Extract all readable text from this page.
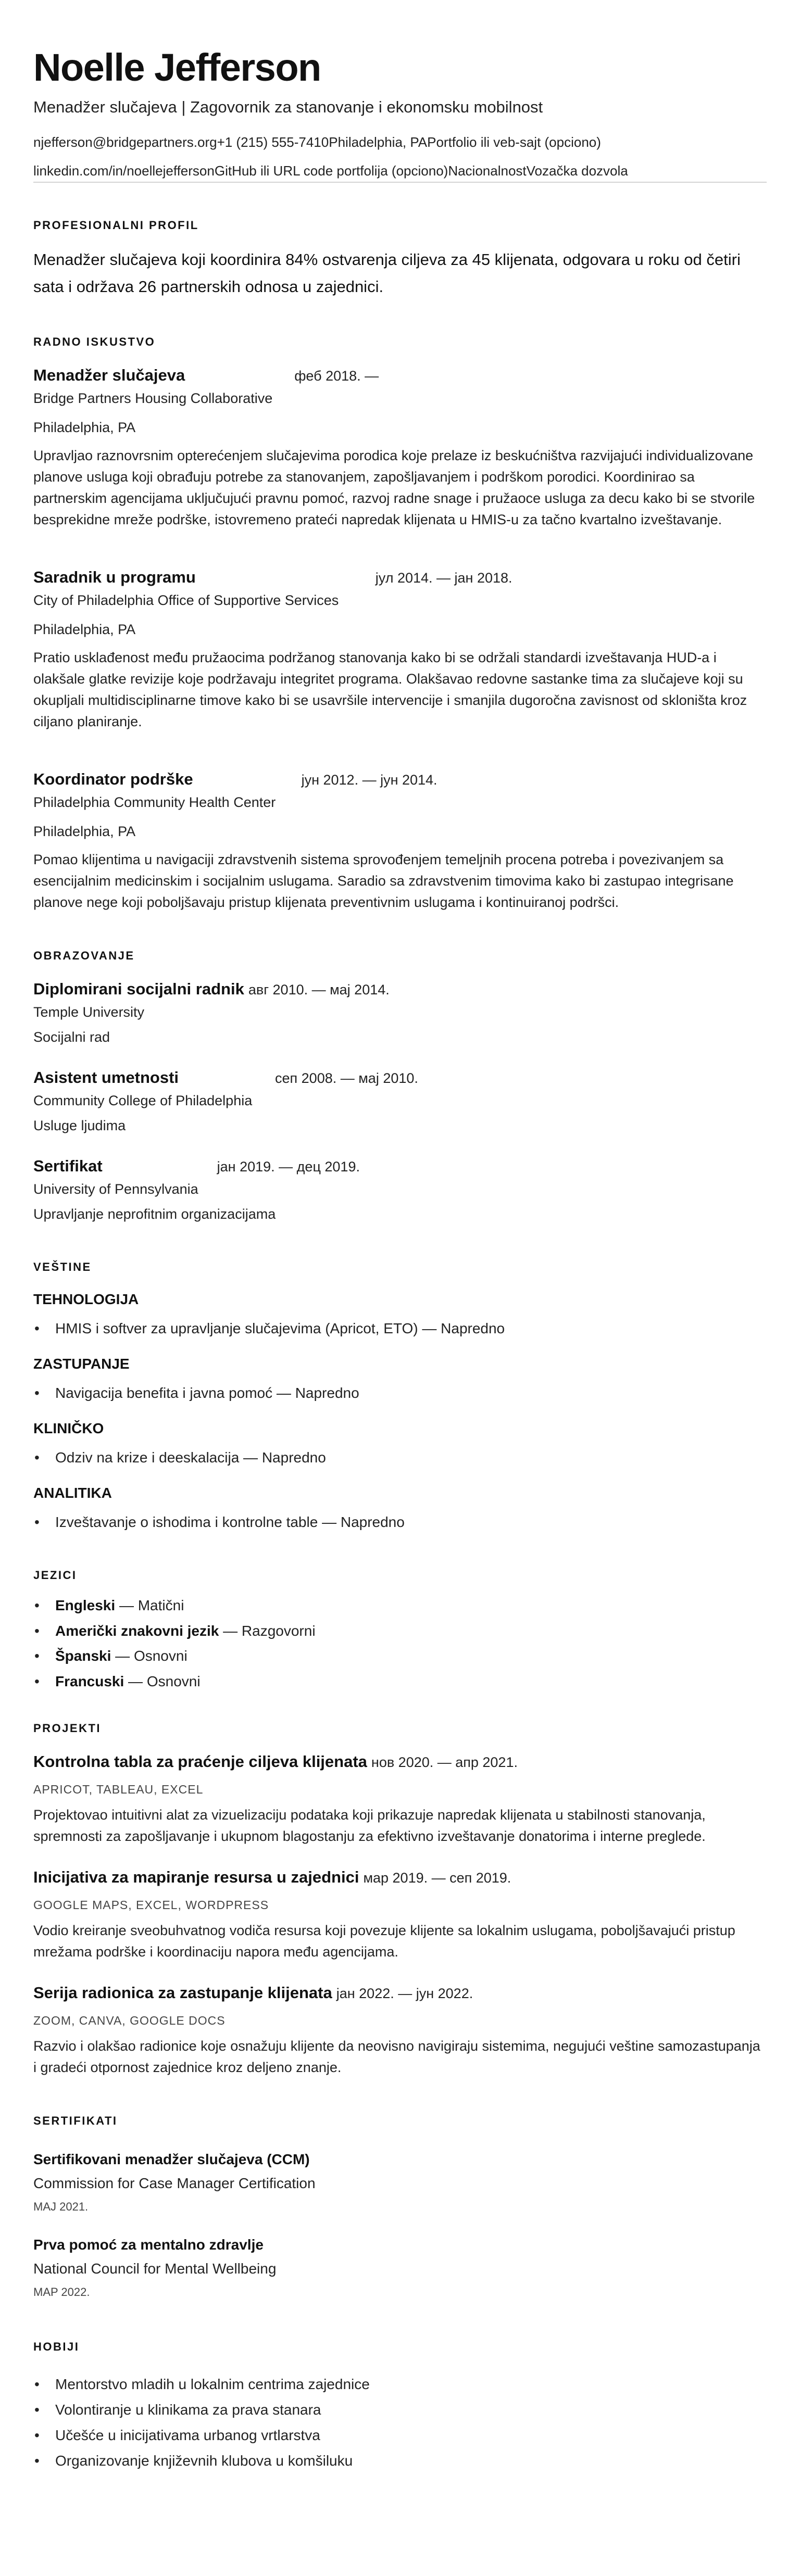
Noelle Jefferson
Menadžer slučajeva | Zagovornik za stanovanje i ekonomsku mobilnost
njefferson@bridgepartners.org+1 (215) 555-7410Philadelphia, PAPortfolio ili veb-sajt (opciono)
linkedin.com/in/noellejeffersonGitHub ili URL code portfolija (opciono)NacionalnostVozačka dozvola
PROFESIONALNI PROFIL
Menadžer slučajeva koji koordinira 84% ostvarenja ciljeva za 45 klijenata, odgovara u roku od četiri sata i održava 26 partnerskih odnosa u zajednici.
RADNO ISKUSTVO
Menadžer slučajeva	феб 2018. —
Bridge Partners Housing Collaborative
Philadelphia, PA
Upravljao raznovrsnim opterećenjem slučajevima porodica koje prelaze iz beskućništva razvijajući individualizovane planove usluga koji obrađuju potrebe za stanovanjem, zapošljavanjem i podrškom porodici. Koordinirao sa partnerskim agencijama uključujući pravnu pomoć, razvoj radne snage i pružaoce usluga za decu kako bi se stvorile besprekidne mreže podrške, istovremeno prateći napredak klijenata u HMIS-u za tačno kvartalno izveštavanje.
Saradnik u programu	јул 2014. — јан 2018.
City of Philadelphia Office of Supportive Services
Philadelphia, PA
Pratio usklađenost među pružaocima podržanog stanovanja kako bi se održali standardi izveštavanja HUD-a i olakšale glatke revizije koje podržavaju integritet programa. Olakšavao redovne sastanke tima za slučajeve koji su okupljali multidisciplinarne timove kako bi se usavršile intervencije i smanjila dugoročna zavisnost od skloništa kroz ciljano planiranje.
Koordinator podrške	јун 2012. — јун 2014.
Philadelphia Community Health Center
Philadelphia, PA
Pomao klijentima u navigaciji zdravstvenih sistema sprovođenjem temeljnih procena potreba i povezivanjem sa esencijalnim medicinskim i socijalnim uslugama. Saradio sa zdravstvenim timovima kako bi zastupao integrisane planove nege koji poboljšavaju pristup klijenata preventivnim uslugama i kontinuiranoj podršci.
OBRAZOVANJE
Diplomirani socijalni radnik авг 2010. — мај 2014.
Temple University
Socijalni rad
Asistent umetnosti	сеп 2008. — мај 2010.
Community College of Philadelphia
Usluge ljudima
Sertifikat	јан 2019. — дец 2019.
University of Pennsylvania
Upravljanje neprofitnim organizacijama
VEŠTINE
TEHNOLOGIJA
• HMIS i softver za upravljanje slučajevima (Apricot, ETO) — Napredno
ZASTUPANJE
• Navigacija benefita i javna pomoć — Napredno
KLINIČKO
• Odziv na krize i deeskalacija — Napredno
ANALITIKA
• Izveštavanje o ishodima i kontrolne table — Napredno
JEZICI
• Engleski — Matični
• Američki znakovni jezik — Razgovorni
• Španski — Osnovni
• Francuski — Osnovni
PROJEKTI
Kontrolna tabla za praćenje ciljeva klijenata нов 2020. — апр 2021.
APRICOT, TABLEAU, EXCEL
Projektovao intuitivni alat za vizuelizaciju podataka koji prikazuje napredak klijenata u stabilnosti stanovanja, spremnosti za zapošljavanje i ukupnom blagostanju za efektivno izveštavanje donatorima i interne preglede.
Inicijativa za mapiranje resursa u zajednici мар 2019. — сеп 2019.
GOOGLE MAPS, EXCEL, WORDPRESS
Vodio kreiranje sveobuhvatnog vodiča resursa koji povezuje klijente sa lokalnim uslugama, poboljšavajući pristup mrežama podrške i koordinaciju napora među agencijama.
Serija radionica za zastupanje klijenata јан 2022. — јун 2022.
ZOOM, CANVA, GOOGLE DOCS
Razvio i olakšao radionice koje osnažuju klijente da neovisno navigiraju sistemima, negujući veštine samozastupanja i gradeći otpornost zajednice kroz deljeno znanje.
SERTIFIKATI
Sertifikovani menadžer slučajeva (CCM)
Commission for Case Manager Certification
MAJ 2021.
Prva pomoć za mentalno zdravlje
National Council for Mental Wellbeing
MAP 2022.
HOBIJI
• Mentorstvo mladih u lokalnim centrima zajednice
• Volontiranje u klinikama za prava stanara
• Učešće u inicijativama urbanog vrtlarstva
• Organizovanje književnih klubova u komšiluku
